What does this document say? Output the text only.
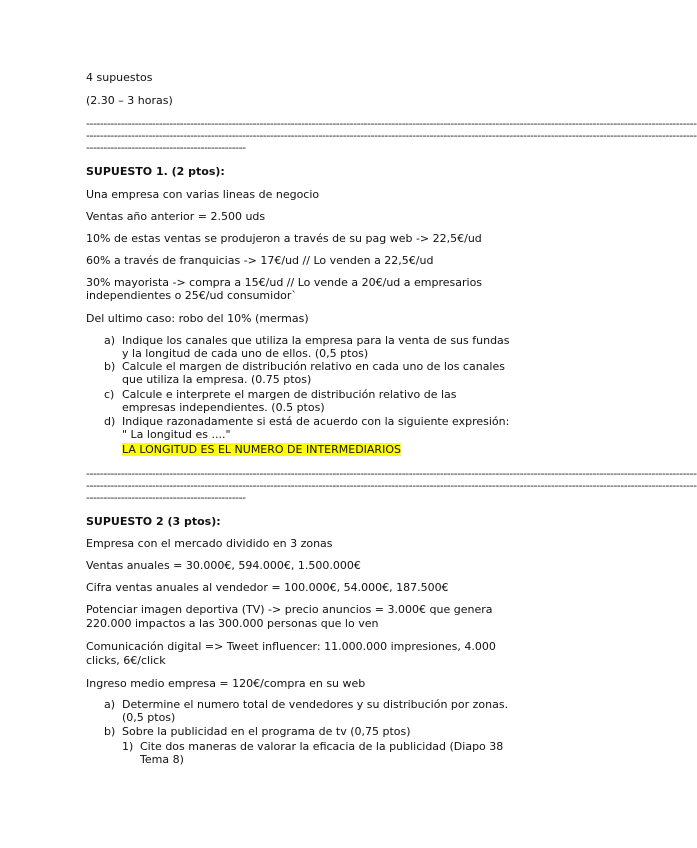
4 supuestos
(2.30 – 3 horas)
--------------------------------------------------------------------------------------------------------------------------------------------------------------------------------
--------------------------------------------------------------------------------------------------------------------------------------------------------------------------------
----------------------------------------------
SUPUESTO 1. (2 ptos):
Una empresa con varias lineas de negocio
Ventas año anterior = 2.500 uds
10% de estas ventas se produjeron a través de su pag web -> 22,5€/ud
60% a través de franquicias -> 17€/ud // Lo venden a 22,5€/ud
30% mayorista -> compra a 15€/ud // Lo vende a 20€/ud a empresarios
independientes o 25€/ud consumidor`
Del ultimo caso: robo del 10% (mermas)
a) Indique los canales que utiliza la empresa para la venta de sus fundas
y la longitud de cada uno de ellos. (0,5 ptos)
b) Calcule el margen de distribución relativo en cada uno de los canales
que utiliza la empresa. (0.75 ptos)
c) Calcule e interprete el margen de distribución relativo de las
empresas independientes. (0.5 ptos)
d) Indique razonadamente si está de acuerdo con la siguiente expresión:
" La longitud es ...."
LA LONGITUD ES EL NUMERO DE INTERMEDIARIOS
--------------------------------------------------------------------------------------------------------------------------------------------------------------------------------
--------------------------------------------------------------------------------------------------------------------------------------------------------------------------------
----------------------------------------------
SUPUESTO 2 (3 ptos):
Empresa con el mercado dividido en 3 zonas
Ventas anuales = 30.000€, 594.000€, 1.500.000€
Cifra ventas anuales al vendedor = 100.000€, 54.000€, 187.500€
Potenciar imagen deportiva (TV) -> precio anuncios = 3.000€ que genera
220.000 impactos a las 300.000 personas que lo ven
Comunicación digital => Tweet influencer: 11.000.000 impresiones, 4.000
clicks, 6€/click
Ingreso medio empresa = 120€/compra en su web
a) Determine el numero total de vendedores y su distribución por zonas.
(0,5 ptos)
b) Sobre la publicidad en el programa de tv (0,75 ptos)
1) Cite dos maneras de valorar la eficacia de la publicidad (Diapo 38
Tema 8)
